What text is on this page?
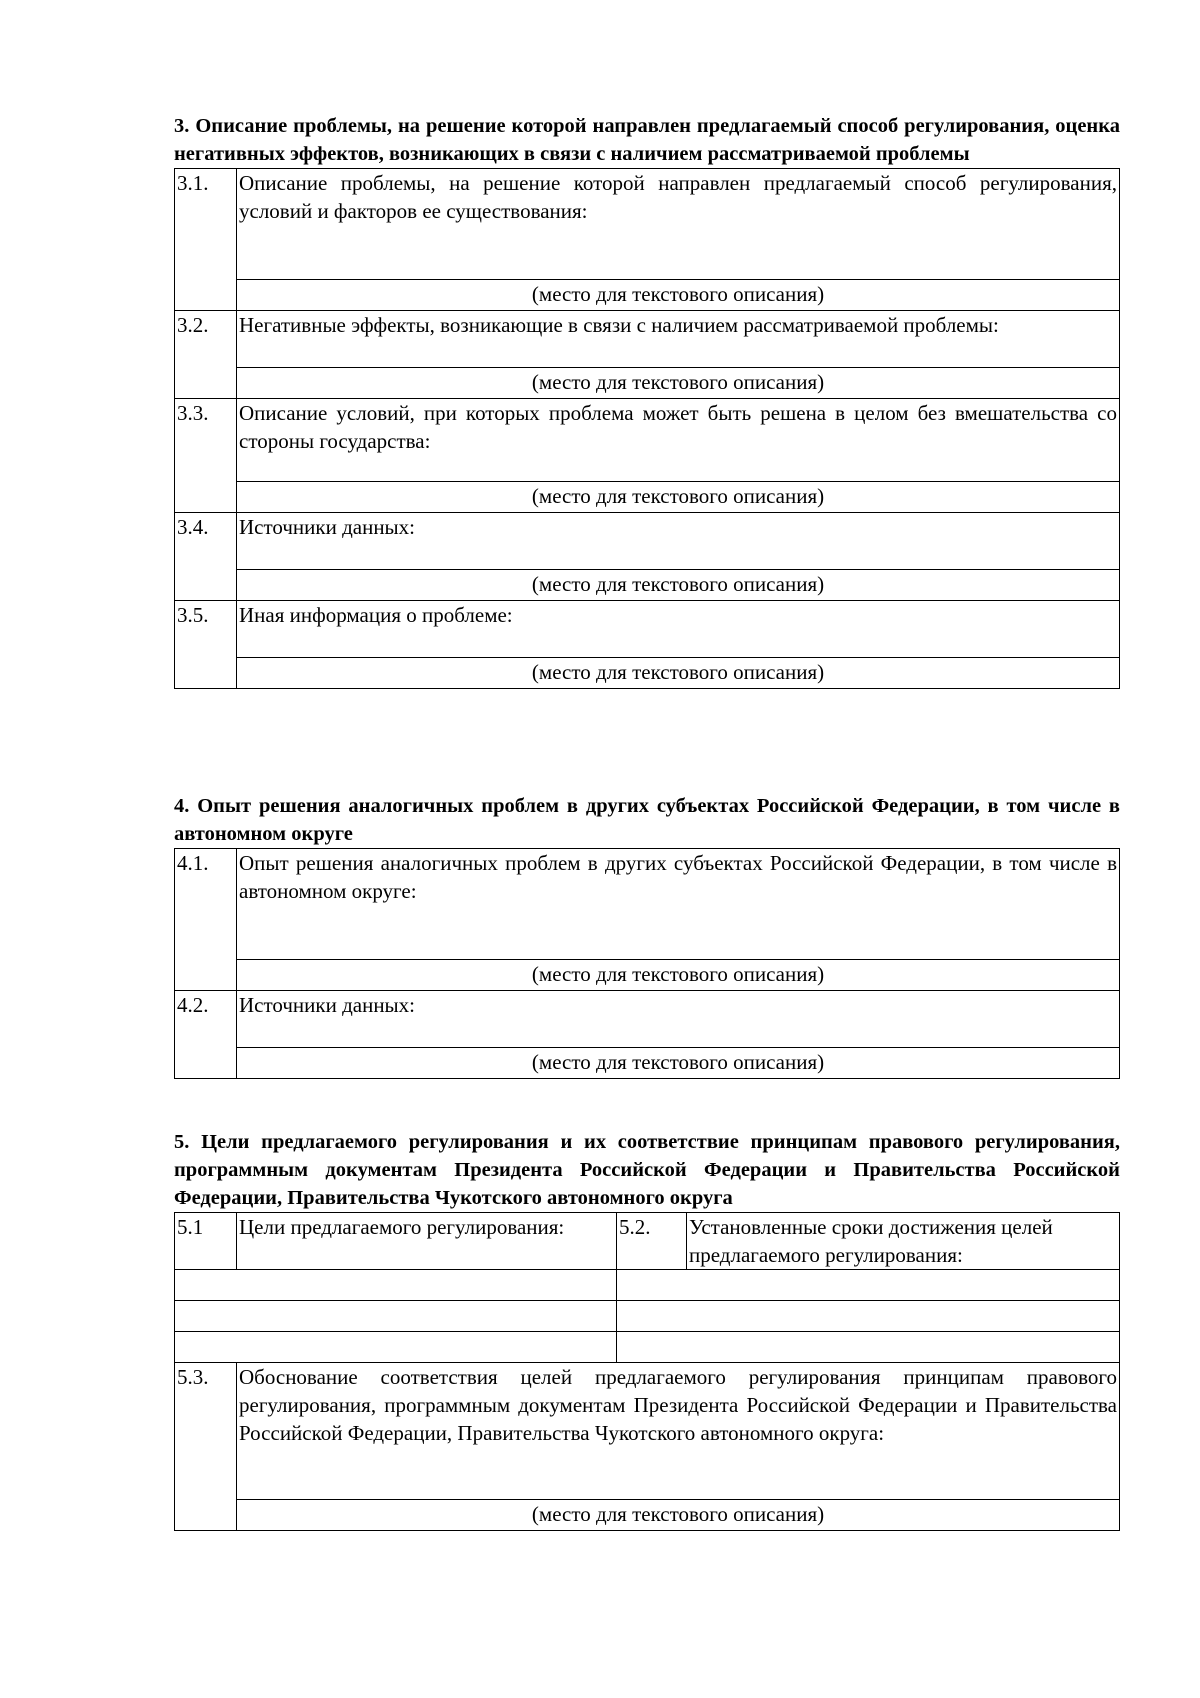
3. Описание проблемы, на решение которой направлен предлагаемый способ регулирования, оценка негативных эффектов, возникающих в связи с наличием рассматриваемой проблемы

3.1.	Описание проблемы, на решение которой направлен предлагаемый способ регулирования, условий и факторов ее существования:
	(место для текстового описания)
3.2.	Негативные эффекты, возникающие в связи с наличием рассматриваемой проблемы:
	(место для текстового описания)
3.3.	Описание условий, при которых проблема может быть решена в целом без вмешательства со стороны государства:
	(место для текстового описания)
3.4.	Источники данных:
	(место для текстового описания)
3.5.	Иная информация о проблеме:
	(место для текстового описания)

4. Опыт решения аналогичных проблем в других субъектах Российской Федерации, в том числе в автономном округе

4.1.	Опыт решения аналогичных проблем в других субъектах Российской Федерации, в том числе в автономном округе:
	(место для текстового описания)
4.2.	Источники данных:
	(место для текстового описания)

5. Цели предлагаемого регулирования и их соответствие принципам правового регулирования, программным документам Президента Российской Федерации и Правительства Российской Федерации, Правительства Чукотского автономного округа

5.1	Цели предлагаемого регулирования:	5.2.	Установленные сроки достижения целей предлагаемого регулирования:

5.3.	Обоснование соответствия целей предлагаемого регулирования принципам правового регулирования, программным документам Президента Российской Федерации и Правительства Российской Федерации, Правительства Чукотского автономного округа:
(место для текстового описания)
